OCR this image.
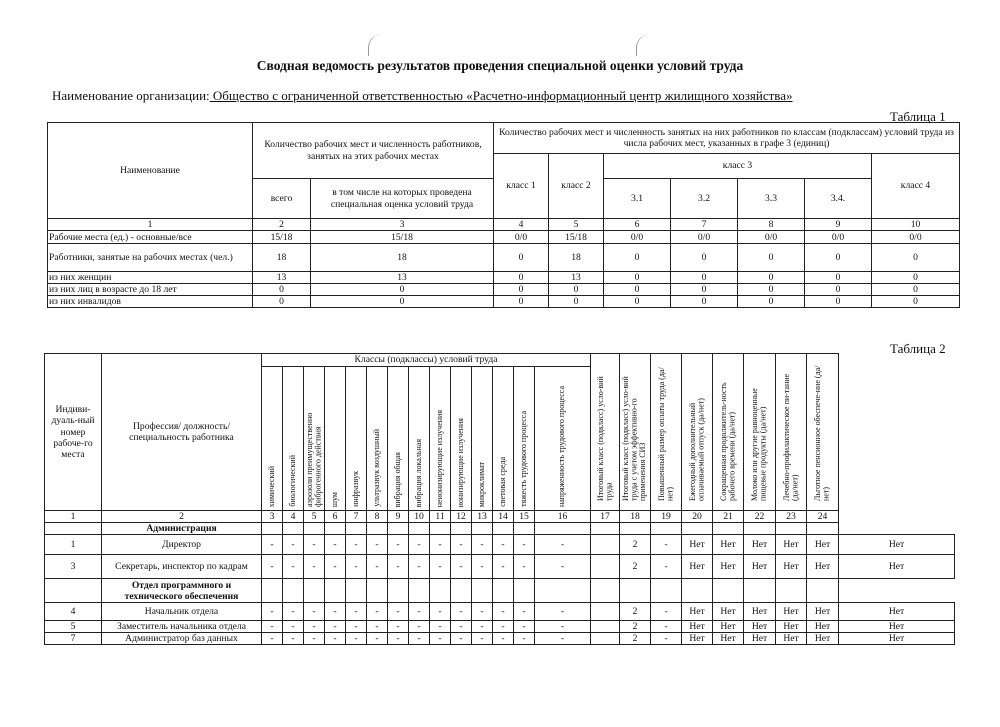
Сводная ведомость результатов проведения специальной оценки условий труда
Наименование организации: Общество с ограниченной ответственностью «Расчетно-информационный центр жилищного хозяйства»
Таблица 1
Наименование	Количество рабочих мест и численность работников, занятых на этих рабочих местах		Количество рабочих мест и численность занятых на них работников по классам (подклассам) условий труда из числа рабочих мест, указанных в графе 3 (единиц)						
			класс 1	класс 2	класс 3				класс 4
	всего	в том числе на которых проведена специальная оценка условий труда			3.1	3.2	3.3	3.4.	
1	2	3	4	5	6	7	8	9	10
Рабочие места (ед.) - основные/все	15/18	15/18	0/0	15/18	0/0	0/0	0/0	0/0	0/0
Работники, занятые на рабочих местах (чел.)	18	18	0	18	0	0	0	0	0
из них женщин	13	13	0	13	0	0	0	0	0
из них лиц в возрасте до 18 лет	0	0	0	0	0	0	0	0	0
из них инвалидов	0	0	0	0	0	0	0	0	0
Таблица 2
Индиви-дуаль-ный номер рабоче-го места	Профессия/ должность/ специальность работника	Классы (подклассы) условий труда														Итоговый класс (подкласс) усло-вий труда	Итоговый класс (подкласс) усло-вий труда с учетом эффективно-го применения СИЗ	Повышенный размер оплаты труда (да/нет)	Ежегодный дополнительный оплачиваемый отпуск (да/нет)	Сокращенная продолжитель-ность рабочего времени (да/нет)	Молоко или другие равноценные пищевые продукты (да/нет)	Лечебно-профилактическое пи-тание (да/нет)	Льготное пенсионное обеспече-ние (да/нет)	
		химический	биологический	аэрозоли преимущественно фиброгенного действия	шум	инфразвук	ультразвук воздушный	вибрация общая	вибрация локальная	неионизирующие излучения	ионизирующие излучения	микроклимат	световая среда	тяжесть трудового процесса	напряженность трудового процесса									
1	2	3	4	5	6	7	8	9	10	11	12	13	14	15	16	17	18	19	20	21	22	23	24	
	Администрация																							
1	Директор	-	-	-	-	-	-	-	-	-	-	-	-	-	-		2	-	Нет	Нет	Нет	Нет	Нет	Нет
3	Секретарь, инспектор по кадрам	-	-	-	-	-	-	-	-	-	-	-	-	-	-		2	-	Нет	Нет	Нет	Нет	Нет	Нет
	Отдел программного и технического обеспечения																							
4	Начальник отдела	-	-	-	-	-	-	-	-	-	-	-	-	-	-		2	-	Нет	Нет	Нет	Нет	Нет	Нет
5	Заместитель начальника отдела	-	-	-	-	-	-	-	-	-	-	-	-	-	-		2	-	Нет	Нет	Нет	Нет	Нет	Нет
7	Администратор баз данных	-	-	-	-	-	-	-	-	-	-	-	-	-	-		2	-	Нет	Нет	Нет	Нет	Нет	Нет
